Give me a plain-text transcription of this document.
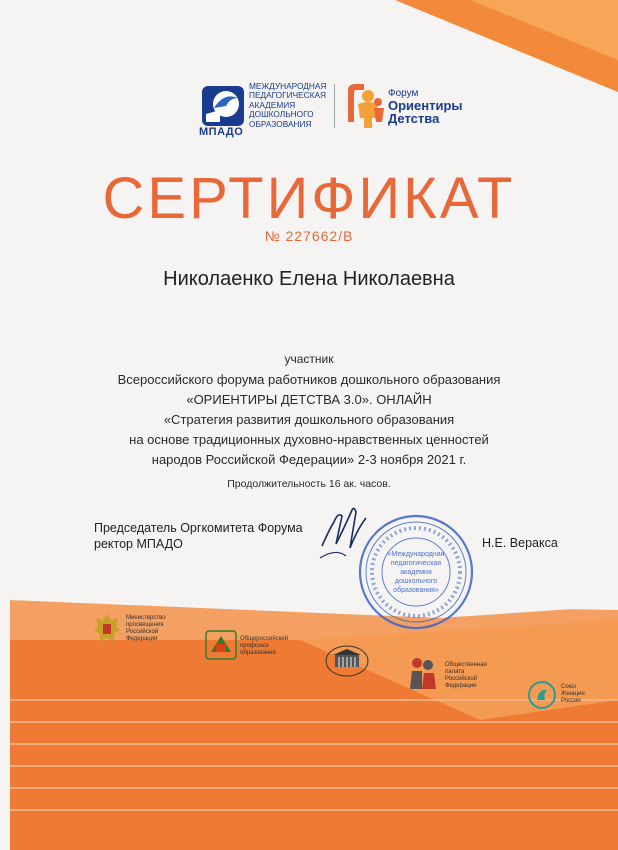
МПАДО
МЕЖДУНАРОДНАЯ
ПЕДАГОГИЧЕСКАЯ
АКАДЕМИЯ
ДОШКОЛЬНОГО
ОБРАЗОВАНИЯ
Форум
Ориентиры
Детства
СЕРТИФИКАТ
№ 227662/В
Николаенко Елена Николаевна
участник
Всероссийского форума работников дошкольного образования
«ОРИЕНТИРЫ ДЕТСТВА 3.0». ОНЛАЙН
«Стратегия развития дошкольного образования
на основе традиционных духовно-нравственных ценностей
народов Российской Федерации» 2-3 ноября 2021 г.
Продолжительность 16 ак. часов.
Председатель Оргкомитета Форума
ректор МПАДО
«Международная
педагогическая
академия
дошкольного
образования»
Н.Е. Веракса
Министерство
просвещения
Российской
Федерации	Общероссийский
профсоюз
образования
Общественная
палата
Российской
Федерации	Союз
Женщин
России
